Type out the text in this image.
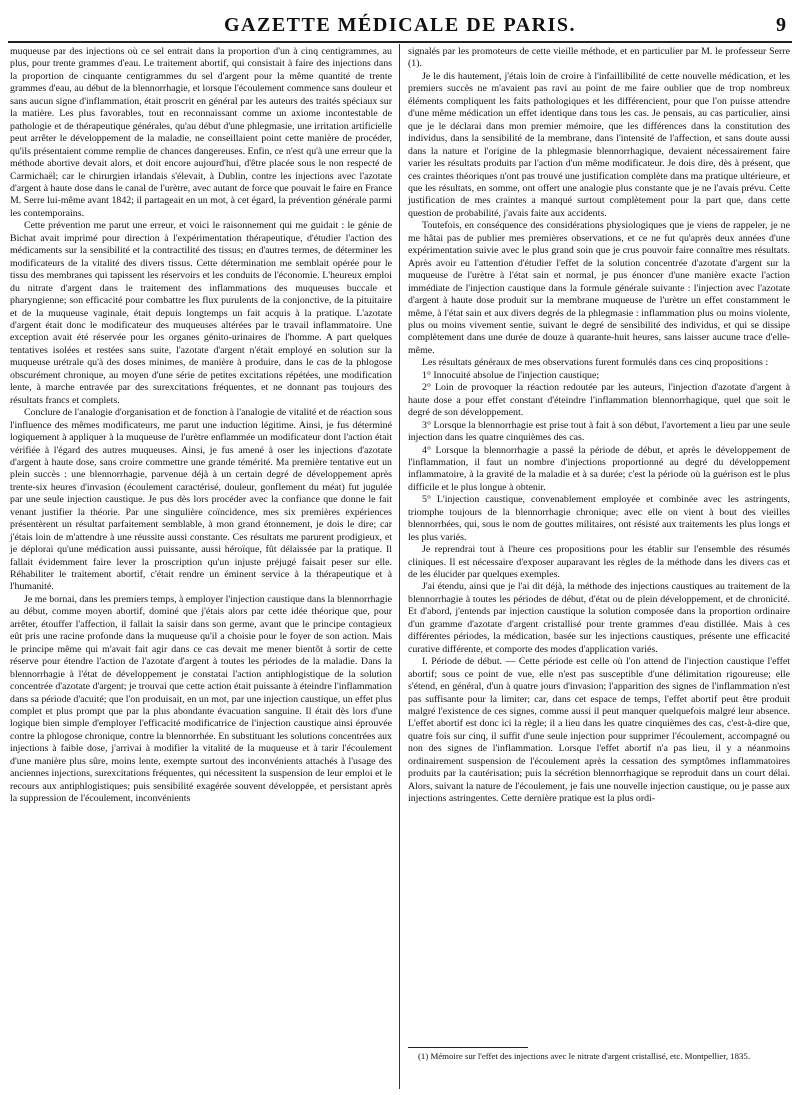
GAZETTE MÉDICALE DE PARIS.	9

muqueuse par des injections où ce sel entrait dans la proportion d'un à cinq centigrammes, au plus, pour trente grammes d'eau. Le traitement abortif, qui consistait à faire des injections dans la proportion de cinquante centigrammes du sel d'argent pour la même quantité de trente grammes d'eau, au début de la blennorrhagie, et lorsque l'écoulement commence sans douleur et sans aucun signe d'inflammation, était proscrit en général par les auteurs des traités spéciaux sur la matière. Les plus favorables, tout en reconnaissant comme un axiome incontestable de pathologie et de thérapeutique générales, qu'au début d'une phlegmasie, une irritation artificielle peut arrêter le développement de la maladie, ne conseillaient point cette manière de procéder, qu'ils présentaient comme remplie de chances dangereuses. Enfin, ce n'est qu'à une erreur que la méthode abortive devait alors, et doit encore aujourd'hui, d'être placée sous le non respecté de Carmichaël; car le chirurgien irlandais s'élevait, à Dublin, contre les injections avec l'azotate d'argent à haute dose dans le canal de l'urètre, avec autant de force que pouvait le faire en France M. Serre lui-même avant 1842; il partageait en un mot, à cet égard, la prévention générale parmi les contemporains.

Cette prévention me parut une erreur, et voici le raisonnement qui me guidait : le génie de Bichat avait imprimé pour direction à l'expérimentation thérapeutique, d'étudier l'action des médicaments sur la sensibilité et la contractilité des tissus; en d'autres termes, de déterminer les modificateurs de la vitalité des divers tissus. Cette détermination me semblait opérée pour le tissu des membranes qui tapissent les réservoirs et les conduits de l'économie. L'heureux emploi du nitrate d'argent dans le traitement des inflammations des muqueuses buccale et pharyngienne; son efficacité pour combattre les flux purulents de la conjonctive, de la pituitaire et de la muqueuse vaginale, était depuis longtemps un fait acquis à la pratique. L'azotate d'argent était donc le modificateur des muqueuses altérées par le travail inflammatoire. Une exception avait été réservée pour les organes génito-urinaires de l'homme. A part quelques tentatives isolées et restées sans suite, l'azotate d'argent n'était employé en solution sur la muqueuse urétrale qu'à des doses minimes, de manière à produire, dans le cas de la phlogose obscurément chronique, au moyen d'une série de petites excitations répétées, une modification lente, à marche entravée par des surexcitations fréquentes, et ne donnant pas toujours des résultats francs et complets.

Conclure de l'analogie d'organisation et de fonction à l'analogie de vitalité et de réaction sous l'influence des mêmes modificateurs, me parut une induction légitime. Ainsi, je fus déterminé logiquement à appliquer à la muqueuse de l'urètre enflammée un modificateur dont l'action était vérifiée à l'égard des autres muqueuses. Ainsi, je fus amené à oser les injections d'azotate d'argent à haute dose, sans croire commettre une grande témérité. Ma première tentative eut un plein succès : une blennorrhagie, parvenue déjà à un certain degré de développement après trente-six heures d'invasion (écoulement caractérisé, douleur, gonflement du méat) fut jugulée par une seule injection caustique. Je pus dès lors procéder avec la confiance que donne le fait venant justifier la théorie. Par une singulière coïncidence, mes six premières expériences présentèrent un résultat parfaitement semblable, à mon grand étonnement, je dois le dire; car j'étais loin de m'attendre à une réussite aussi constante. Ces résultats me parurent prodigieux, et je déplorai qu'une médication aussi puissante, aussi héroïque, fût délaissée par la pratique. Il fallait évidemment faire lever la proscription qu'un injuste préjugé faisait peser sur elle. Réhabiliter le traitement abortif, c'était rendre un éminent service à la thérapeutique et à l'humanité.

Je me bornai, dans les premiers temps, à employer l'injection caustique dans la blennorrhagie au début, comme moyen abortif, dominé que j'étais alors par cette idée théorique que, pour arrêter, étouffer l'affection, il fallait la saisir dans son germe, avant que le principe contagieux eût pris une racine profonde dans la muqueuse qu'il a choisie pour le foyer de son action. Mais le principe même qui m'avait fait agir dans ce cas devait me mener bientôt à sortir de cette réserve pour étendre l'action de l'azotate d'argent à toutes les périodes de la maladie. Dans la blennorrhagie à l'état de développement je constatai l'action antiphlogistique de la solution concentrée d'azotate d'argent; je trouvai que cette action était puissante à éteindre l'inflammation dans sa période d'acuité; que l'on produisait, en un mot, par une injection caustique, un effet plus complet et plus prompt que par la plus abondante évacuation sanguine. Il était dès lors d'une logique bien simple d'employer l'efficacité modificatrice de l'injection caustique ainsi éprouvée contre la phlogose chronique, contre la blennorrhée. En substituant les solutions concentrées aux injections à faible dose, j'arrivai à modifier la vitalité de la muqueuse et à tarir l'écoulement d'une manière plus sûre, moins lente, exempte surtout des inconvénients attachés à l'usage des anciennes injections, surexcitations fréquentes, qui nécessitent la suspension de leur emploi et le recours aux antiphlogistiques; puis sensibilité exagérée souvent développée, et persistant après la suppression de l'écoulement, inconvénients

signalés par les promoteurs de cette vieille méthode, et en particulier par M. le professeur Serre (1).

Je le dis hautement, j'étais loin de croire à l'infaillibilité de cette nouvelle médication, et les premiers succès ne m'avaient pas ravi au point de me faire oublier que de trop nombreux éléments compliquent les faits pathologiques et les différencient, pour que l'on puisse attendre d'une même médication un effet identique dans tous les cas. Je pensais, au cas particulier, ainsi que je le déclarai dans mon premier mémoire, que les différences dans la constitution des individus, dans la sensibilité de la membrane, dans l'intensité de l'affection, et sans doute aussi dans la nature et l'origine de la phlegmasie blennorrhagique, devaient nécessairement faire varier les résultats produits par l'action d'un même modificateur. Je dois dire, dès à présent, que ces craintes théoriques n'ont pas trouvé une justification complète dans ma pratique ultérieure, et que les résultats, en somme, ont offert une analogie plus constante que je ne l'avais prévu. Cette justification de mes craintes a manqué surtout complètement pour la part que, dans cette question de probabilité, j'avais faite aux accidents.

Toutefois, en conséquence des considérations physiologiques que je viens de rappeler, je ne me hâtai pas de publier mes premières observations, et ce ne fut qu'après deux années d'une expérimentation suivie avec le plus grand soin que je crus pouvoir faire connaître mes résultats. Après avoir eu l'attention d'étudier l'effet de la solution concentrée d'azotate d'argent sur la muqueuse de l'urètre à l'état sain et normal, je pus énoncer d'une manière exacte l'action immédiate de l'injection caustique dans la formule générale suivante : l'injection avec l'azotate d'argent à haute dose produit sur la membrane muqueuse de l'urètre un effet constamment le même, à l'état sain et aux divers degrés de la phlegmasie : inflammation plus ou moins violente, plus ou moins vivement sentie, suivant le degré de sensibilité des individus, et qui se dissipe complètement dans une durée de douze à quarante-huit heures, sans laisser aucune trace d'elle-même.

Les résultats généraux de mes observations furent formulés dans ces cinq propositions :

1° Innocuité absolue de l'injection caustique;

2° Loin de provoquer la réaction redoutée par les auteurs, l'injection d'azotate d'argent à haute dose a pour effet constant d'éteindre l'inflammation blennorrhagique, quel que soit le degré de son développement.

3° Lorsque la blennorrhagie est prise tout à fait à son début, l'avortement a lieu par une seule injection dans les quatre cinquièmes des cas.

4° Lorsque la blennorrhagie a passé la période de début, et après le développement de l'inflammation, il faut un nombre d'injections proportionné au degré du développement inflammatoire, à la gravité de la maladie et à sa durée; c'est la période où la guérison est le plus difficile et le plus longue à obtenir.

5° L'injection caustique, convenablement employée et combinée avec les astringents, triomphe toujours de la blennorrhagie chronique; avec elle on vient à bout des vieilles blennorrhées, qui, sous le nom de gouttes militaires, ont résisté aux traitements les plus longs et les plus variés.

Je reprendrai tout à l'heure ces propositions pour les établir sur l'ensemble des résumés cliniques. Il est nécessaire d'exposer auparavant les règles de la méthode dans les divers cas et de les élucider par quelques exemples.

J'ai étendu, ainsi que je l'ai dit déjà, la méthode des injections caustiques au traitement de la blennorrhagie à toutes les périodes de début, d'état ou de plein développement, et de chronicité. Et d'abord, j'entends par injection caustique la solution composée dans la proportion ordinaire d'un gramme d'azotate d'argent cristallisé pour trente grammes d'eau distillée. Mais à ces différentes périodes, la médication, basée sur les injections caustiques, présente une efficacité curative différente, et comporte des modes d'application variés.

I. Période de début. — Cette période est celle où l'on attend de l'injection caustique l'effet abortif; sous ce point de vue, elle n'est pas susceptible d'une délimitation rigoureuse; elle s'étend, en général, d'un à quatre jours d'invasion; l'apparition des signes de l'inflammation n'est pas suffisante pour la limiter; car, dans cet espace de temps, l'effet abortif peut être produit malgré l'existence de ces signes, comme aussi il peut manquer quelquefois malgré leur absence. L'effet abortif est donc ici la règle; il a lieu dans les quatre cinquièmes des cas, c'est-à-dire que, quatre fois sur cinq, il suffit d'une seule injection pour supprimer l'écoulement, accompagné ou non des signes de l'inflammation. Lorsque l'effet abortif n'a pas lieu, il y a néanmoins ordinairement suspension de l'écoulement après la cessation des symptômes inflammatoires produits par la cautérisation; puis la sécrétion blennorrhagique se reproduit dans un court délai. Alors, suivant la nature de l'écoulement, je fais une nouvelle injection caustique, ou je passe aux injections astringentes. Cette dernière pratique est la plus ordi-

(1) Mémoire sur l'effet des injections avec le nitrate d'argent cristallisé, etc. Montpellier, 1835.
